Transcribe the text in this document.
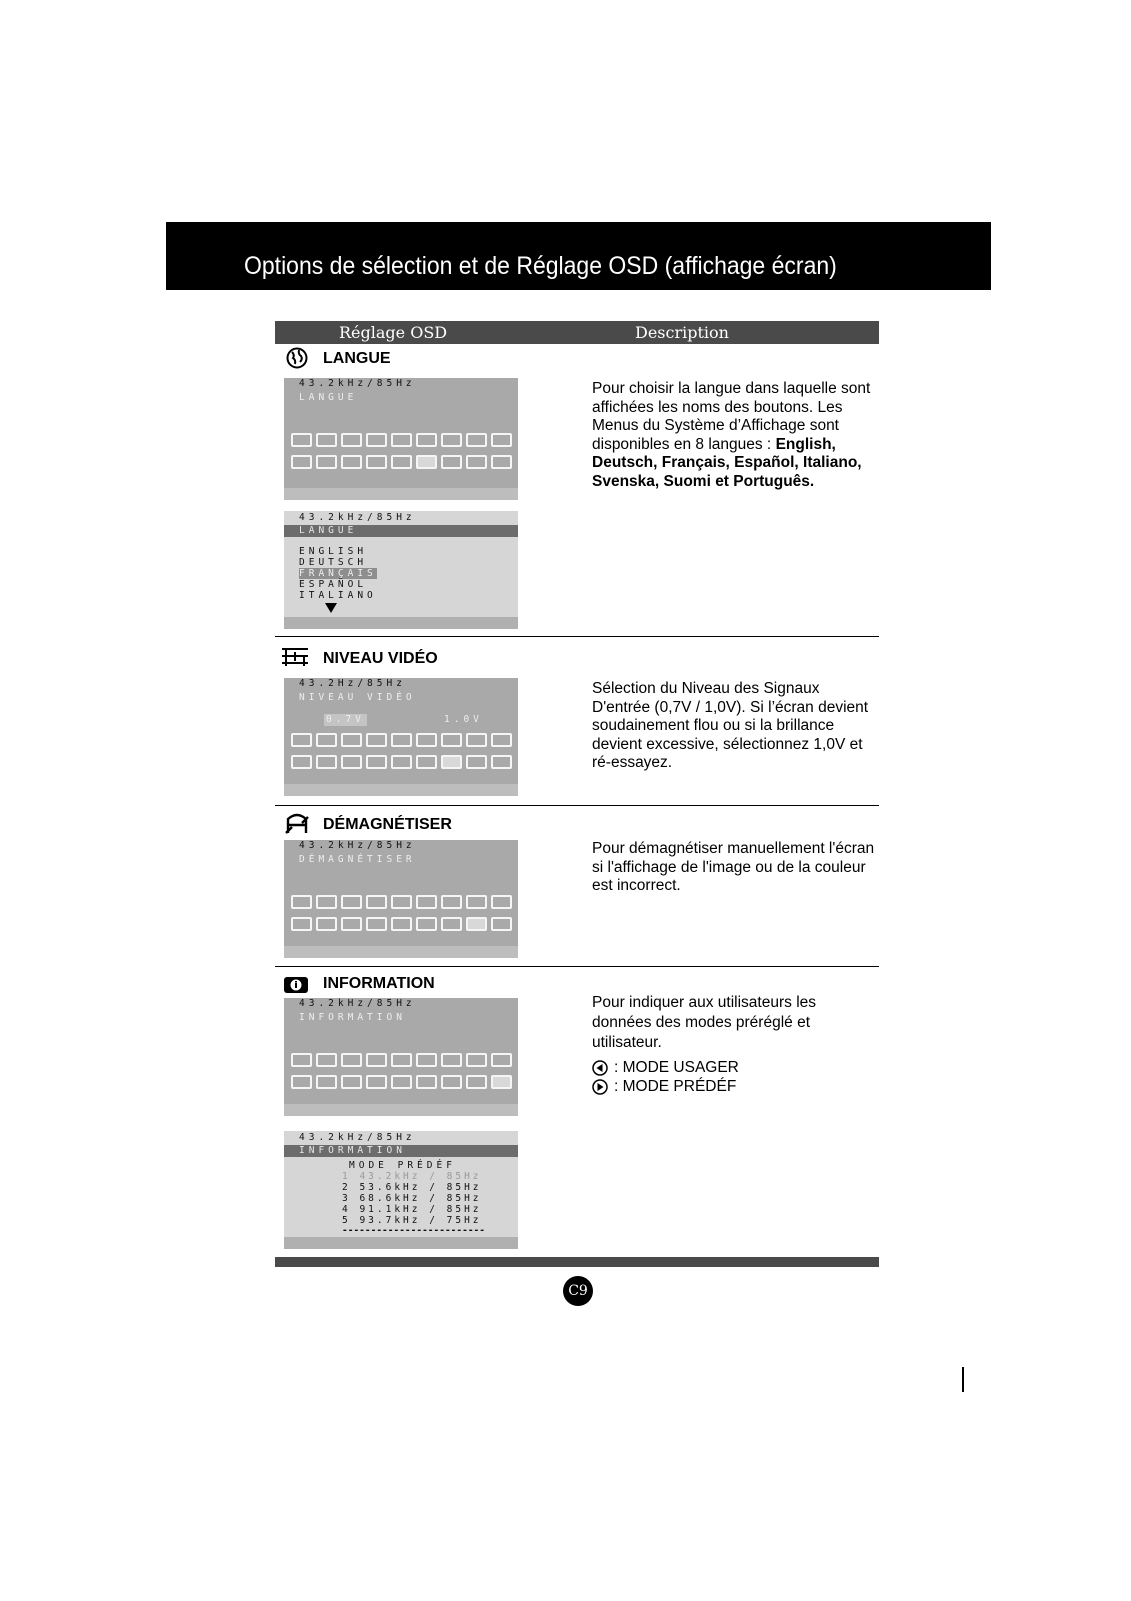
Options de sélection et de Réglage OSD (affichage écran)
Réglage OSD	Description
LANGUE
43.2kHz/85Hz
LANGUE
43.2kHz/85Hz
LANGUE
ENGLISH
DEUTSCH
FRANÇAIS
ESPAÑOL
ITALIANO
Pour choisir la langue dans laquelle sont affichées les noms des boutons. Les Menus du Système d’Affichage sont disponibles en 8 langues : English, Deutsch, Français, Español, Italiano, Svenska, Suomi et Português.
NIVEAU VIDÉO
43.2Hz/85Hz
NIVEAU VIDÉO
0.7V	1.0V
Sélection du Niveau des Signaux D'entrée (0,7V / 1,0V). Si l’écran devient soudainement flou ou si la brillance devient excessive, sélectionnez 1,0V et ré-essayez.
DÉMAGNÉTISER
43.2kHz/85Hz
DÉMAGNÉTISER
Pour démagnétiser manuellement l'écran si l'affichage de l'image ou de la couleur est incorrect.
INFORMATION
43.2kHz/85Hz
INFORMATION
43.2kHz/85Hz
INFORMATION
MODE PRÉDÉF
1 43.2kHz / 85Hz
2 53.6kHz / 85Hz
3 68.6kHz / 85Hz
4 91.1kHz / 85Hz
5 93.7kHz / 75Hz
-------------------------
Pour indiquer aux utilisateurs les données des modes préréglé et utilisateur.
: MODE USAGER
: MODE PRÉDÉF
C9
